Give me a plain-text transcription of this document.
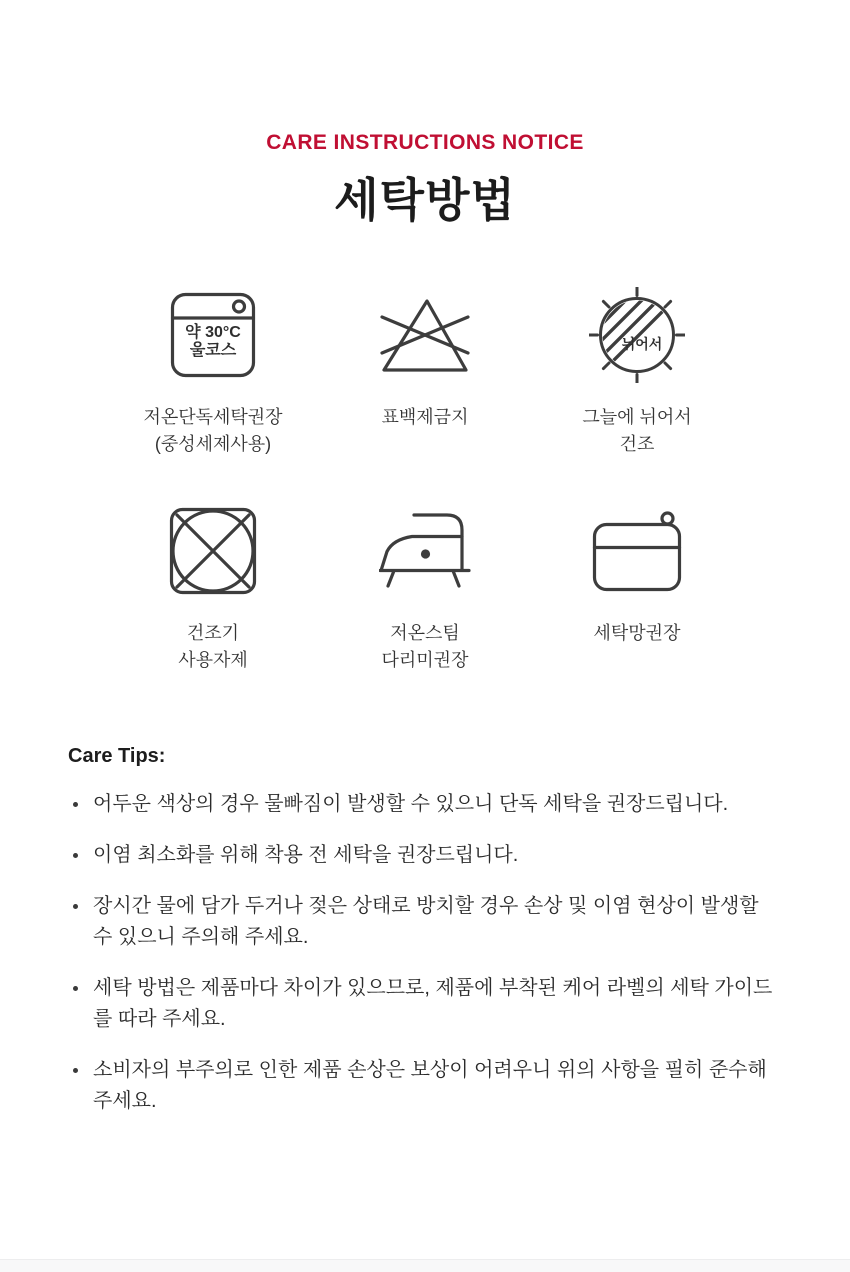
CARE INSTRUCTIONS NOTICE
세탁방법
약 30°C
울코스
저온단독세탁권장
(중성세제사용)
표백제금지
뉘어서
그늘에 뉘어서
건조
건조기
사용자제
저온스팀
다리미권장
세탁망권장
Care Tips:
어두운 색상의 경우 물빠짐이 발생할 수 있으니 단독 세탁을 권장드립니다.
이염 최소화를 위해 착용 전 세탁을 권장드립니다.
장시간 물에 담가 두거나 젖은 상태로 방치할 경우 손상 및 이염 현상이 발생할 수 있으니 주의해 주세요.
세탁 방법은 제품마다 차이가 있으므로, 제품에 부착된 케어 라벨의 세탁 가이드를 따라 주세요.
소비자의 부주의로 인한 제품 손상은 보상이 어려우니 위의 사항을 필히 준수해 주세요.
